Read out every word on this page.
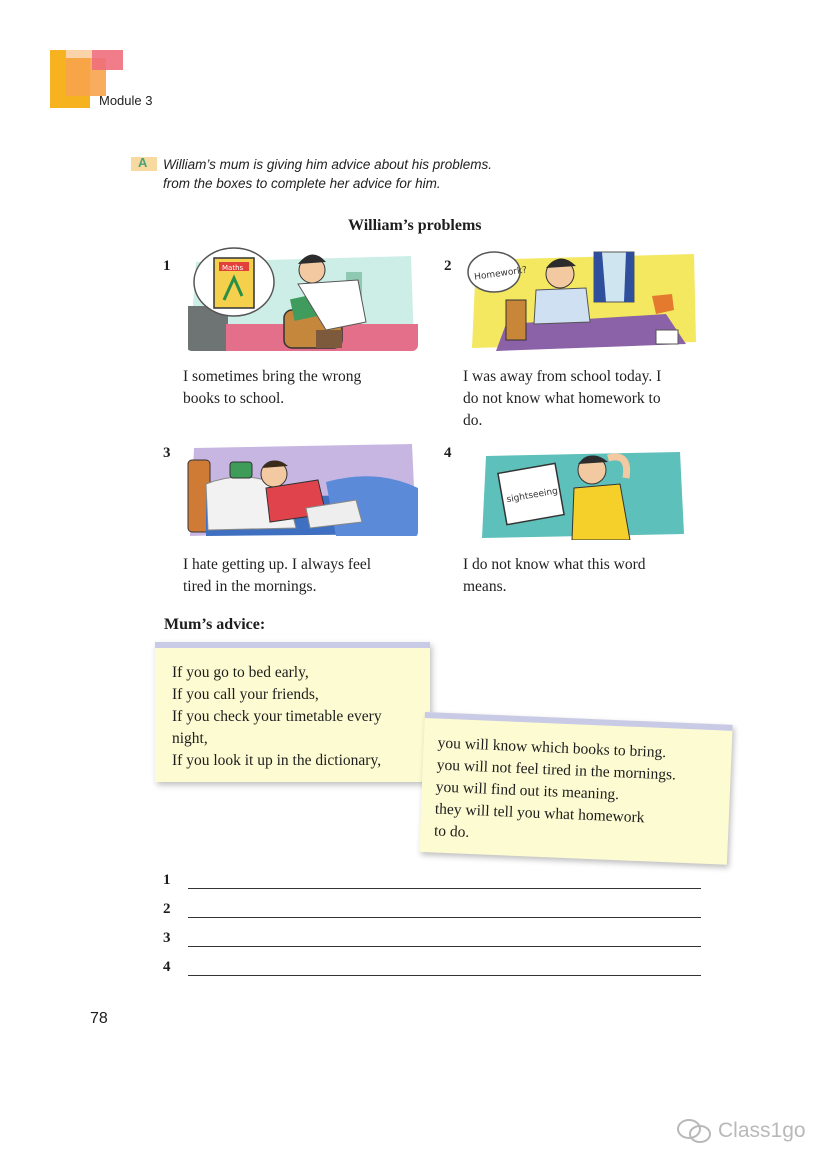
Module 3
A William’s mum is giving him advice about his problems.
from the boxes to complete her advice for him.
William’s problems
1	2
3	4
Maths	Homework?
sightseeing
I sometimes bring the wrong
books to school.
I was away from school today. I
do not know what homework to
do.
I hate getting up. I always feel
tired in the mornings.
I do not know what this word
means.
Mum’s advice:
If you go to bed early,
If you call your friends,
If you check your timetable every
night,
If you look it up in the dictionary,	you will know which books to bring.
you will not feel tired in the mornings.
you will find out its meaning.
they will tell you what homework
to do.
1
2
3
4
78
Class1go
